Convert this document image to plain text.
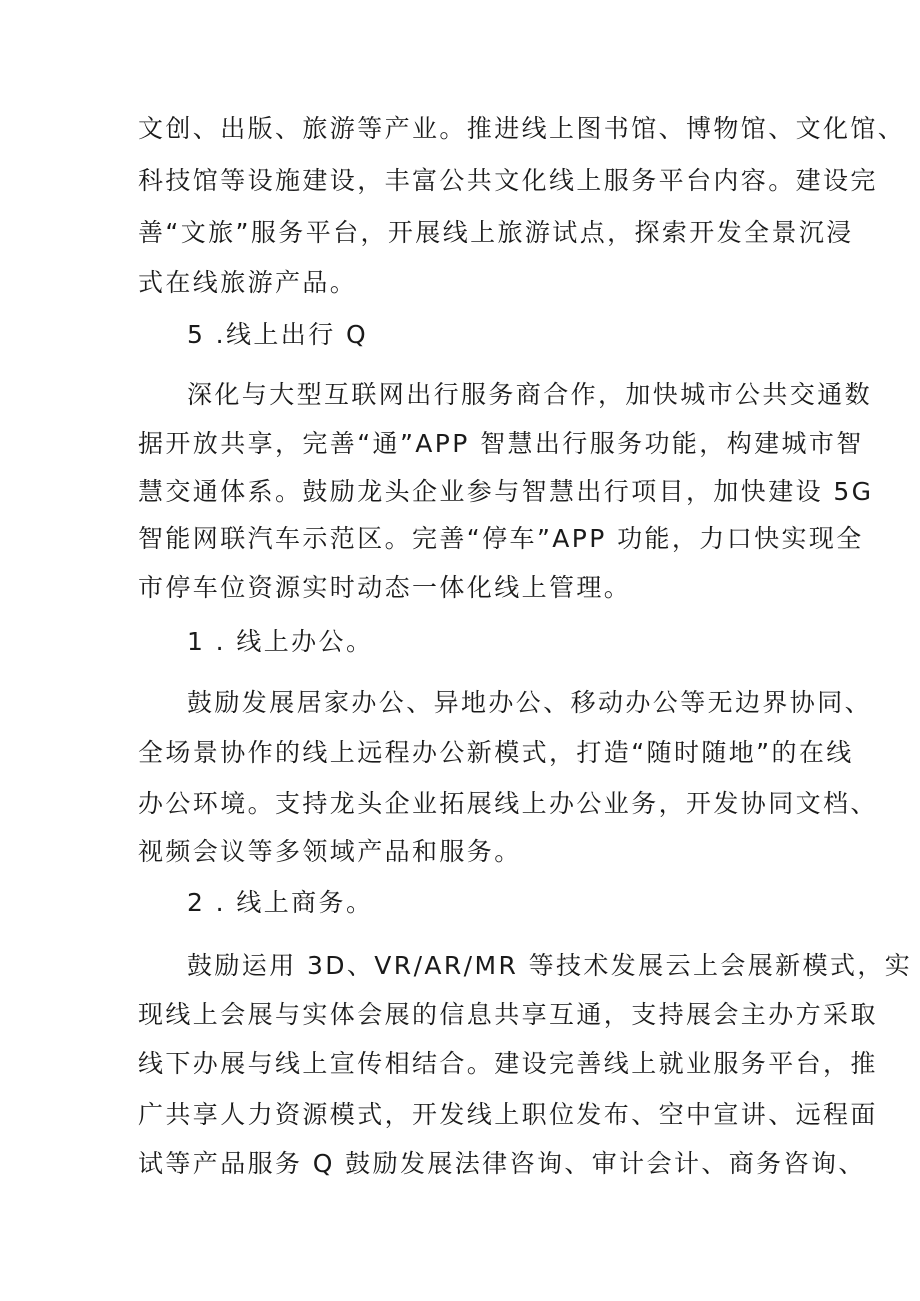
文创、出版、旅游等产业。推进线上图书馆、博物馆、文化馆、
科技馆等设施建设，丰富公共文化线上服务平台内容。建设完
善“文旅”服务平台，开展线上旅游试点，探索开发全景沉浸
式在线旅游产品。
5 .线上出行 Q
深化与大型互联网出行服务商合作，加快城市公共交通数
据开放共享，完善“通”APP 智慧出行服务功能，构建城市智
慧交通体系。鼓励龙头企业参与智慧出行项目，加快建设 5G
智能网联汽车示范区。完善“停车”APP 功能，力口快实现全
市停车位资源实时动态一体化线上管理。
1 . 线上办公。
鼓励发展居家办公、异地办公、移动办公等无边界协同、
全场景协作的线上远程办公新模式，打造“随时随地”的在线
办公环境。支持龙头企业拓展线上办公业务，开发协同文档、
视频会议等多领域产品和服务。
2 . 线上商务。
鼓励运用 3D、VR/AR/MR 等技术发展云上会展新模式，实
现线上会展与实体会展的信息共享互通，支持展会主办方采取
线下办展与线上宣传相结合。建设完善线上就业服务平台，推
广共享人力资源模式，开发线上职位发布、空中宣讲、远程面
试等产品服务 Q 鼓励发展法律咨询、审计会计、商务咨询、
